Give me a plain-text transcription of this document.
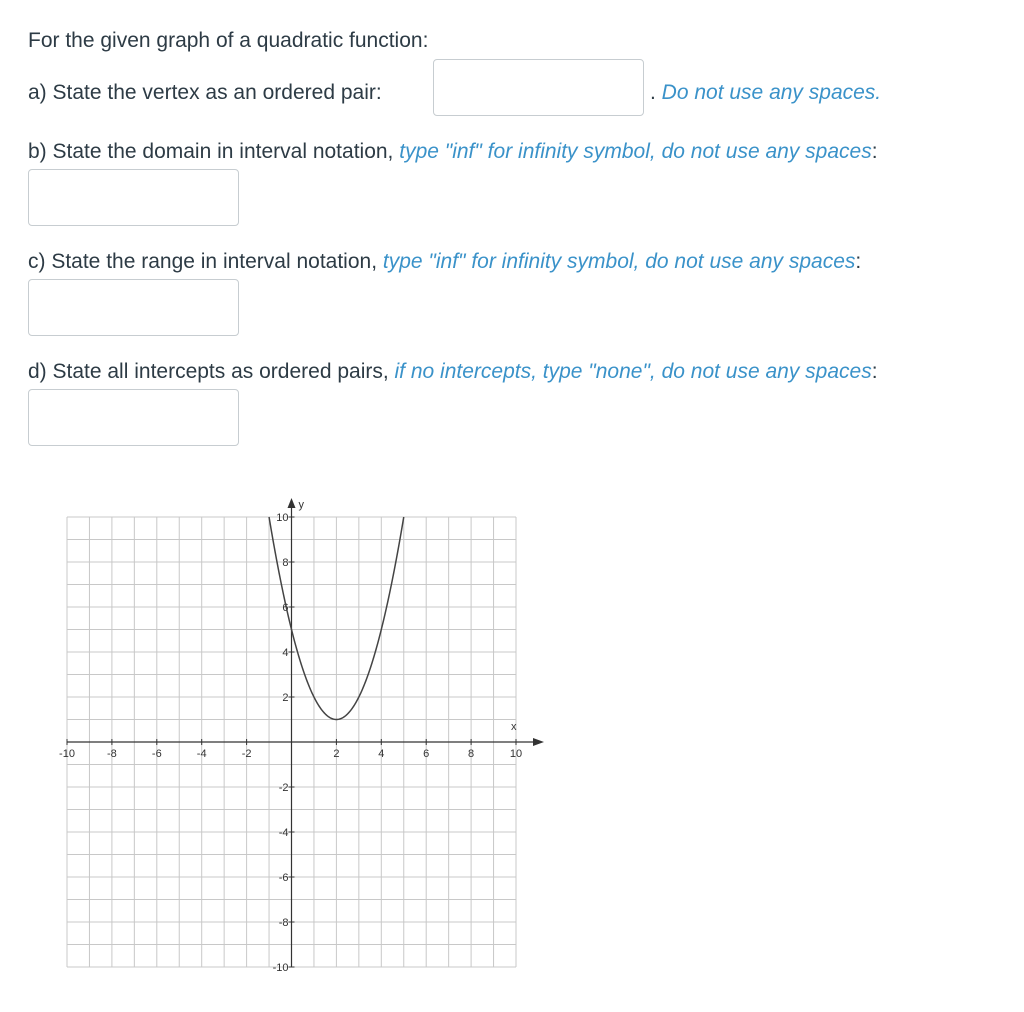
For the given graph of a quadratic function:
a) State the vertex as an ordered pair:	. Do not use any spaces.
b) State the domain in interval notation, type "inf" for infinity symbol, do not use any spaces:
c) State the range in interval notation, type "inf" for infinity symbol, do not use any spaces:
d) State all intercepts as ordered pairs, if no intercepts, type "none", do not use any spaces:
x
y
-10	-8	-6	-4	-2	2	4	6	8	10
10
8
6
4
2
-2
-4
-6
-8
-10
